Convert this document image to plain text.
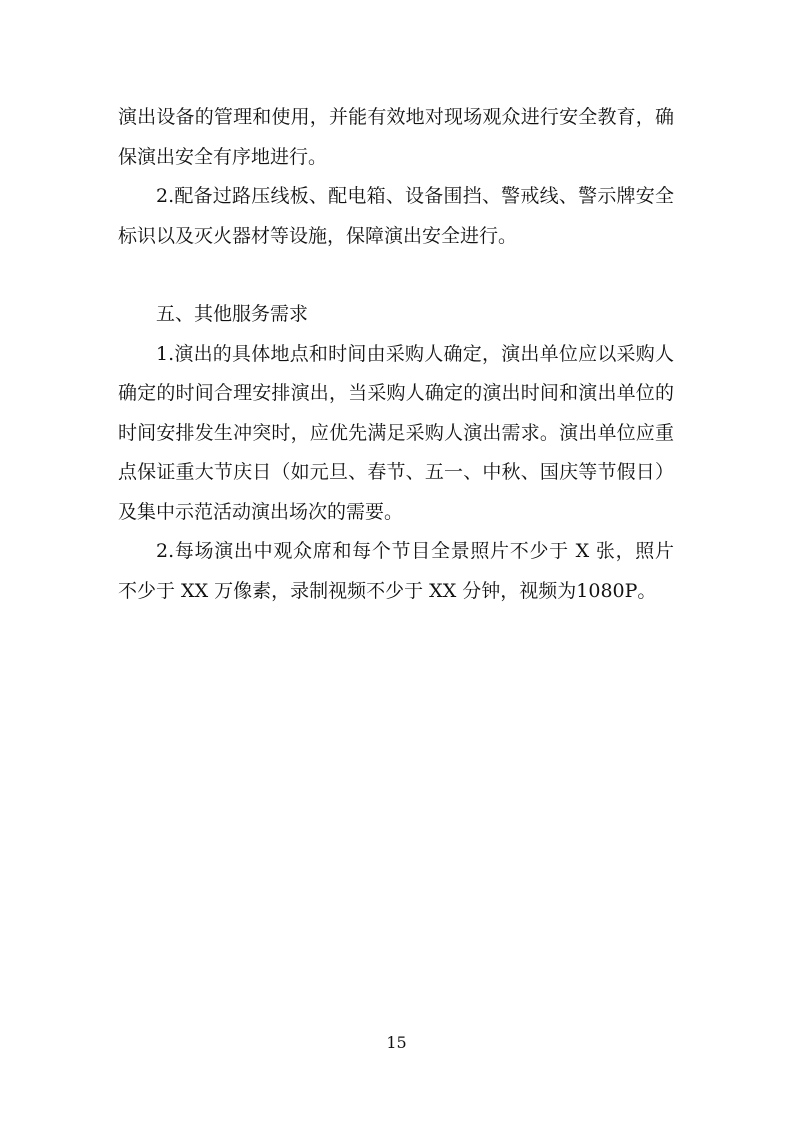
演出设备的管理和使用，并能有效地对现场观众进行安全教育，确保演出安全有序地进行。

2.配备过路压线板、配电箱、设备围挡、警戒线、警示牌安全标识以及灭火器材等设施，保障演出安全进行。

五、其他服务需求

1.演出的具体地点和时间由采购人确定，演出单位应以采购人确定的时间合理安排演出，当采购人确定的演出时间和演出单位的时间安排发生冲突时，应优先满足采购人演出需求。演出单位应重点保证重大节庆日（如元旦、春节、五一、中秋、国庆等节假日）及集中示范活动演出场次的需要。

2.每场演出中观众席和每个节目全景照片不少于 X 张，照片不少于 XX 万像素，录制视频不少于 XX 分钟，视频为1080P。

15
